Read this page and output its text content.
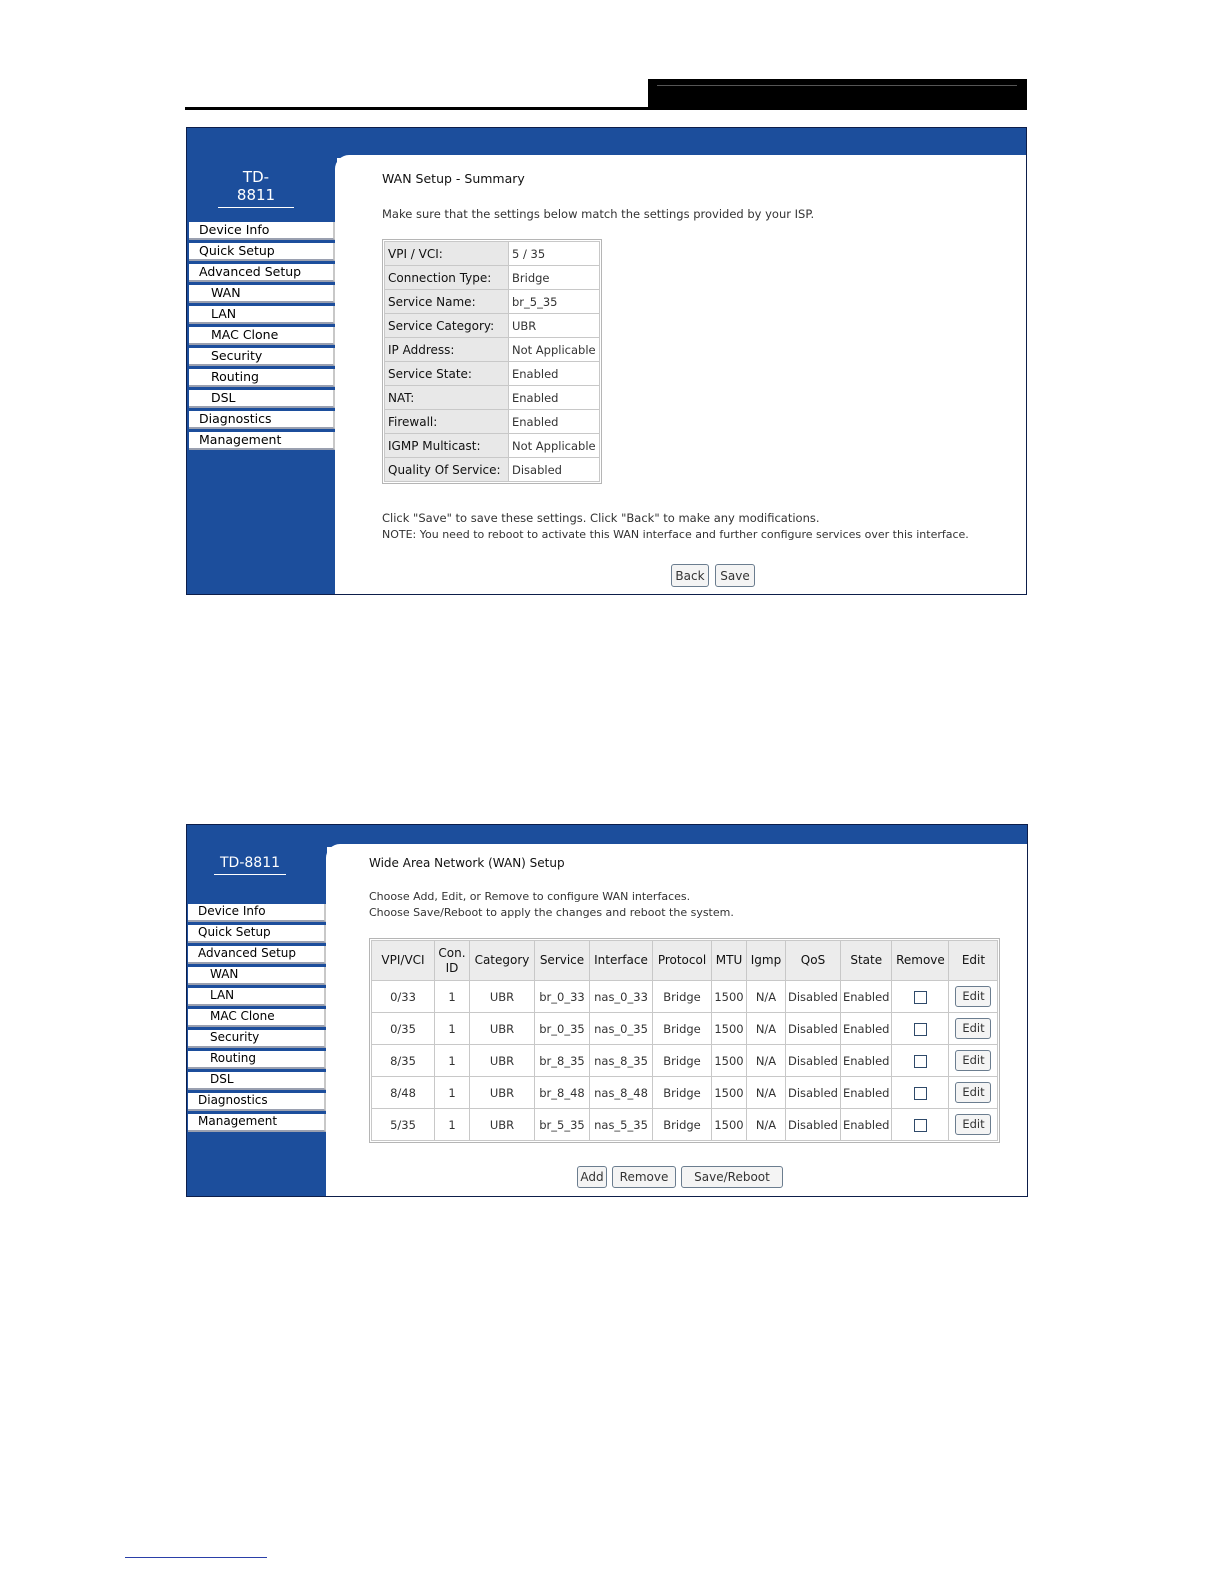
TD-8811
Device Info
Quick Setup
Advanced Setup
WAN
LAN
MAC Clone
Security
Routing
DSL
Diagnostics
Management
WAN Setup - Summary
Make sure that the settings below match the settings provided by your ISP.
VPI / VCI:	5 / 35
Connection Type:	Bridge
Service Name:	br_5_35
Service Category:	UBR
IP Address:	Not Applicable
Service State:	Enabled
NAT:	Enabled
Firewall:	Enabled
IGMP Multicast:	Not Applicable
Quality Of Service:	Disabled
Click "Save" to save these settings. Click "Back" to make any modifications.
NOTE: You need to reboot to activate this WAN interface and further configure services over this interface.
Back	Save
TD-8811
Device Info
Quick Setup
Advanced Setup
WAN
LAN
MAC Clone
Security
Routing
DSL
Diagnostics
Management
Wide Area Network (WAN) Setup
Choose Add, Edit, or Remove to configure WAN interfaces.
Choose Save/Reboot to apply the changes and reboot the system.
VPI/VCI	Con. ID	Category	Service	Interface	Protocol	MTU	Igmp	QoS	State	Remove	Edit
0/33	1	UBR	br_0_33	nas_0_33	Bridge	1500	N/A	Disabled	Enabled		Edit
0/35	1	UBR	br_0_35	nas_0_35	Bridge	1500	N/A	Disabled	Enabled		Edit
8/35	1	UBR	br_8_35	nas_8_35	Bridge	1500	N/A	Disabled	Enabled		Edit
8/48	1	UBR	br_8_48	nas_8_48	Bridge	1500	N/A	Disabled	Enabled		Edit
5/35	1	UBR	br_5_35	nas_5_35	Bridge	1500	N/A	Disabled	Enabled		Edit
Add	Remove	Save/Reboot
